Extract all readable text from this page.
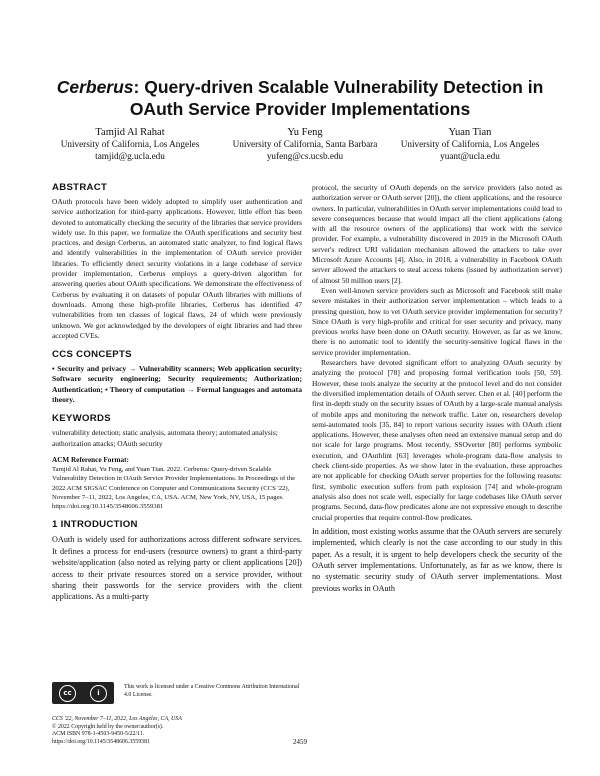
Cerberus: Query-driven Scalable Vulnerability Detection in
OAuth Service Provider Implementations
Tamjid Al Rahat
University of California, Los Angeles
tamjid@g.ucla.edu
Yu Feng
University of California, Santa Barbara
yufeng@cs.ucsb.edu
Yuan Tian
University of California, Los Angeles
yuant@ucla.edu
ABSTRACT

OAuth protocols have been widely adopted to simplify user authentication and service authorization for third-party applications. However, little effort has been devoted to automatically checking the security of the libraries that service providers widely use. In this paper, we formalize the OAuth specifications and security best practices, and design Cerberus, an automated static analyzer, to find logical flaws and identify vulnerabilities in the implementation of OAuth service provider libraries. To efficiently detect security violations in a large codebase of service provider implementation, Cerberus employs a query-driven algorithm for answering queries about OAuth specifications. We demonstrate the effectiveness of Cerberus by evaluating it on datasets of popular OAuth libraries with millions of downloads. Among these high-profile libraries, Cerberus has identified 47 vulnerabilities from ten classes of logical flaws, 24 of which were previously unknown. We got acknowledged by the developers of eight libraries and had three accepted CVEs.

CCS CONCEPTS

• Security and privacy → Vulnerability scanners; Web application security; Software security engineering; Security requirements; Authorization; Authentication; • Theory of computation → Formal languages and automata theory.

KEYWORDS

vulnerability detection; static analysis, automata theory; automated analysis; authorization attacks; OAuth security

ACM Reference Format:

Tamjid Al Rahat, Yu Feng, and Yuan Tian. 2022. Cerberus: Query-driven Scalable Vulnerability Detection in OAuth Service Provider Implementations. In Proceedings of the 2022 ACM SIGSAC Conference on Computer and Communications Security (CCS '22), November 7–11, 2022, Los Angeles, CA, USA. ACM, New York, NY, USA, 15 pages. https://doi.org/10.1145/3548606.3559381

1 INTRODUCTION

OAuth is widely used for authorizations across different software services. It defines a process for end-users (resource owners) to grant a third-party website/application (also noted as relying party or client applications [20]) access to their private resources stored on a service provider, without sharing their passwords for the service providers with the client applications. As a multi-party

cc	i
This work is licensed under a Creative Commons Attribution International 4.0 License.
CCS '22, November 7–11, 2022, Los Angeles, CA, USA
© 2022 Copyright held by the owner/author(s).
ACM ISBN 978-1-4503-9450-5/22/11.
https://doi.org/10.1145/3548606.3559381

protocol, the security of OAuth depends on the service providers (also noted as authorization server or OAuth server [20]), the client applications, and the resource owners. In particular, vulnerabilities in OAuth server implementations could lead to severe consequences because that would impact all the client applications (along with all the resource owners of the applications) that work with the service provider. For example, a vulnerability discovered in 2019 in the Microsoft OAuth server's redirect URI validation mechanism allowed the attackers to take over Microsoft Azure Accounts [4]. Also, in 2018, a vulnerability in Facebook OAuth server allowed the attackers to steal access tokens (issued by authorization server) of almost 50 million users [2].

Even well-known service providers such as Microsoft and Facebook still make severe mistakes in their authorization server implementation – which leads to a pressing question, how to vet OAuth service provider implementation for security? Since OAuth is very high-profile and critical for user security and privacy, many previous works have been done on OAuth security. However, as far as we know, there is no automatic tool to identify the security-sensitive logical flaws in the service provider implementation.

Researchers have devoted significant effort to analyzing OAuth security by analyzing the protocol [78] and proposing formal verification tools [50, 59]. However, these tools analyze the security at the protocol level and do not consider the diversified implementation details of OAuth server. Chen et al. [40] perform the first in-depth study on the security issues of OAuth by a large-scale manual analysis of mobile apps and monitoring the network traffic. Later on, researchers develop semi-automated tools [35, 84] to report various security issues with OAuth client applications. However, these analyses often need an extensive manual setup and do not scale for large programs. Most recently, SSOverter [80] performs symbolic execution, and OAuthlint [63] leverages whole-program data-flow analysis to check client-side properties. As we show later in the evaluation, these approaches are not applicable for checking OAuth server properties for the following reasons: first, symbolic execution suffers from path explosion [74] and whole-program analysis also does not scale well, especially for large codebases like OAuth server programs. Second, data-flow predicates alone are not expressive enough to describe crucial properties that require control-flow predicates.

In addition, most existing works assume that the OAuth servers are securely implemented, which clearly is not the case according to our study in this paper. As a result, it is urgent to help developers check the security of the OAuth server implementations. Unfortunately, as far as we know, there is no systematic security study of OAuth server implementations. Most previous works in OAuth

2459
